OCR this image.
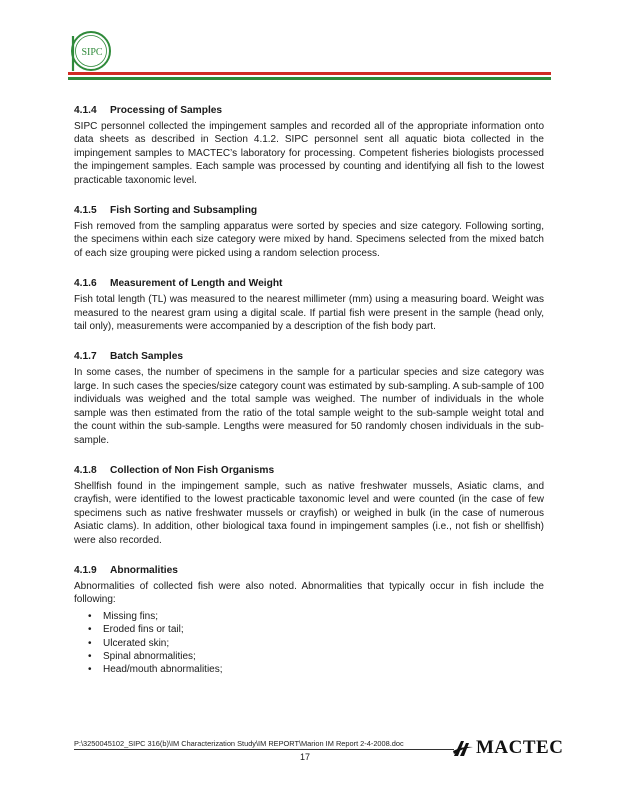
SIPC

4.1.4 Processing of Samples

SIPC personnel collected the impingement samples and recorded all of the appropriate information onto data sheets as described in Section 4.1.2. SIPC personnel sent all aquatic biota collected in the impingement samples to MACTEC’s laboratory for processing. Competent fisheries biologists processed the impingement samples. Each sample was processed by counting and identifying all fish to the lowest practicable taxonomic level.

4.1.5 Fish Sorting and Subsampling

Fish removed from the sampling apparatus were sorted by species and size category. Following sorting, the specimens within each size category were mixed by hand. Specimens selected from the mixed batch of each size grouping were picked using a random selection process.

4.1.6 Measurement of Length and Weight

Fish total length (TL) was measured to the nearest millimeter (mm) using a measuring board. Weight was measured to the nearest gram using a digital scale. If partial fish were present in the sample (head only, tail only), measurements were accompanied by a description of the fish body part.

4.1.7 Batch Samples

In some cases, the number of specimens in the sample for a particular species and size category was large. In such cases the species/size category count was estimated by sub-sampling. A sub-sample of 100 individuals was weighed and the total sample was weighed. The number of individuals in the whole sample was then estimated from the ratio of the total sample weight to the sub-sample weight total and the count within the sub-sample. Lengths were measured for 50 randomly chosen individuals in the sub-sample.

4.1.8 Collection of Non Fish Organisms

Shellfish found in the impingement sample, such as native freshwater mussels, Asiatic clams, and crayfish, were identified to the lowest practicable taxonomic level and were counted (in the case of few specimens such as native freshwater mussels or crayfish) or weighed in bulk (in the case of numerous Asiatic clams). In addition, other biological taxa found in impingement samples (i.e., not fish or shellfish) were also recorded.

4.1.9 Abnormalities

Abnormalities of collected fish were also noted. Abnormalities that typically occur in fish include the following:

• Missing fins;
• Eroded fins or tail;
• Ulcerated skin;
• Spinal abnormalities;
• Head/mouth abnormalities;
P:\3250045102_SIPC 316(b)\IM Characterization Study\IM REPORT\Marion IM Report 2-4-2008.doc
17	MACTEC
